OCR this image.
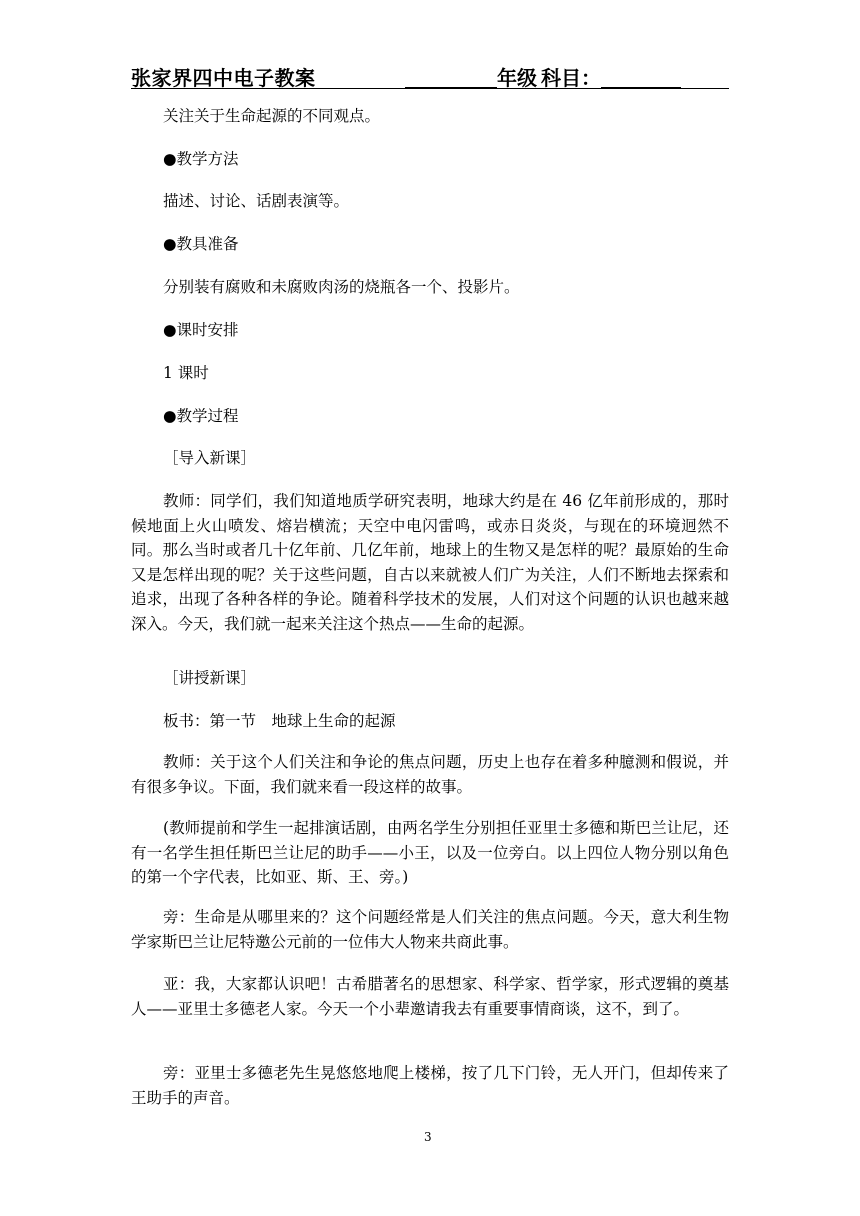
张家界四中电子教案	年级 科目：
关注关于生命起源的不同观点。
●教学方法
描述、讨论、话剧表演等。
●教具准备
分别装有腐败和未腐败肉汤的烧瓶各一个、投影片。
●课时安排
1 课时
●教学过程
［导入新课］
教师：同学们，我们知道地质学研究表明，地球大约是在 46 亿年前形成的，那时候地面上火山喷发、熔岩横流；天空中电闪雷鸣，或赤日炎炎，与现在的环境迥然不同。那么当时或者几十亿年前、几亿年前，地球上的生物又是怎样的呢？最原始的生命又是怎样出现的呢？关于这些问题，自古以来就被人们广为关注，人们不断地去探索和追求，出现了各种各样的争论。随着科学技术的发展，人们对这个问题的认识也越来越深入。今天，我们就一起来关注这个热点——生命的起源。
［讲授新课］
板书：第一节　地球上生命的起源
教师：关于这个人们关注和争论的焦点问题，历史上也存在着多种臆测和假说，并有很多争议。下面，我们就来看一段这样的故事。
(教师提前和学生一起排演话剧，由两名学生分别担任亚里士多德和斯巴兰让尼，还有一名学生担任斯巴兰让尼的助手——小王，以及一位旁白。以上四位人物分别以角色的第一个字代表，比如亚、斯、王、旁。)
旁：生命是从哪里来的？这个问题经常是人们关注的焦点问题。今天，意大利生物学家斯巴兰让尼特邀公元前的一位伟大人物来共商此事。
亚：我，大家都认识吧！古希腊著名的思想家、科学家、哲学家，形式逻辑的奠基人——亚里士多德老人家。今天一个小辈邀请我去有重要事情商谈，这不，到了。
旁：亚里士多德老先生晃悠悠地爬上楼梯，按了几下门铃，无人开门，但却传来了王助手的声音。
3
